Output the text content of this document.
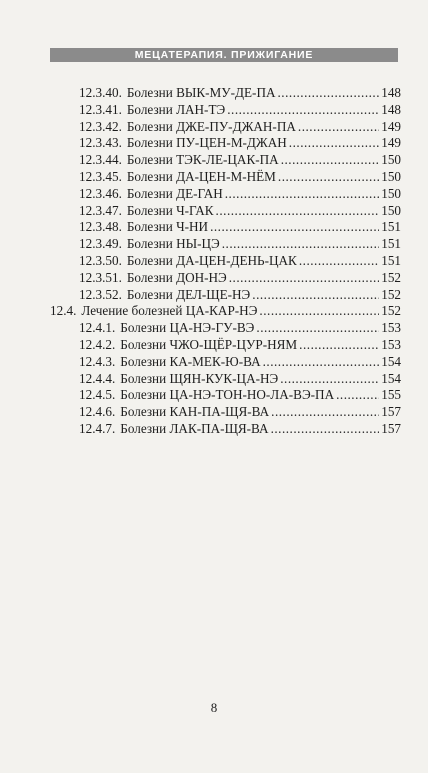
МЕЦАТЕРАПИЯ. ПРИЖИГАНИЕ
12.3.40. Болезни ВЫК-МУ-ДЕ-ПА .....	148
12.3.41. Болезни ЛАН-ТЭ .....	148
12.3.42. Болезни ДЖЕ-ПУ-ДЖАН-ПА .....	149
12.3.43. Болезни ПУ-ЦЕН-М-ДЖАН .....	149
12.3.44. Болезни ТЭК-ЛЕ-ЦАК-ПА .....	150
12.3.45. Болезни ДА-ЦЕН-М-НЁМ .....	150
12.3.46. Болезни ДЕ-ГАН .....	150
12.3.47. Болезни Ч-ГАК .....	150
12.3.48. Болезни Ч-НИ .....	151
12.3.49. Болезни НЫ-ЦЭ .....	151
12.3.50. Болезни ДА-ЦЕН-ДЕНЬ-ЦАК .....	151
12.3.51. Болезни ДОН-НЭ .....	152
12.3.52. Болезни ДЕЛ-ЩЕ-НЭ .....	152
12.4. Лечение болезней ЦА-КАР-НЭ .....	152
12.4.1. Болезни ЦА-НЭ-ГУ-ВЭ .....	153
12.4.2. Болезни ЧЖО-ЩЁР-ЦУР-НЯМ .....	153
12.4.3. Болезни КА-МЕК-Ю-ВА .....	154
12.4.4. Болезни ЩЯН-КУК-ЦА-НЭ .....	154
12.4.5. Болезни ЦА-НЭ-ТОН-НО-ЛА-ВЭ-ПА .....	155
12.4.6. Болезни КАН-ПА-ЩЯ-ВА .....	157
12.4.7. Болезни ЛАК-ПА-ЩЯ-ВА .....	157
8
